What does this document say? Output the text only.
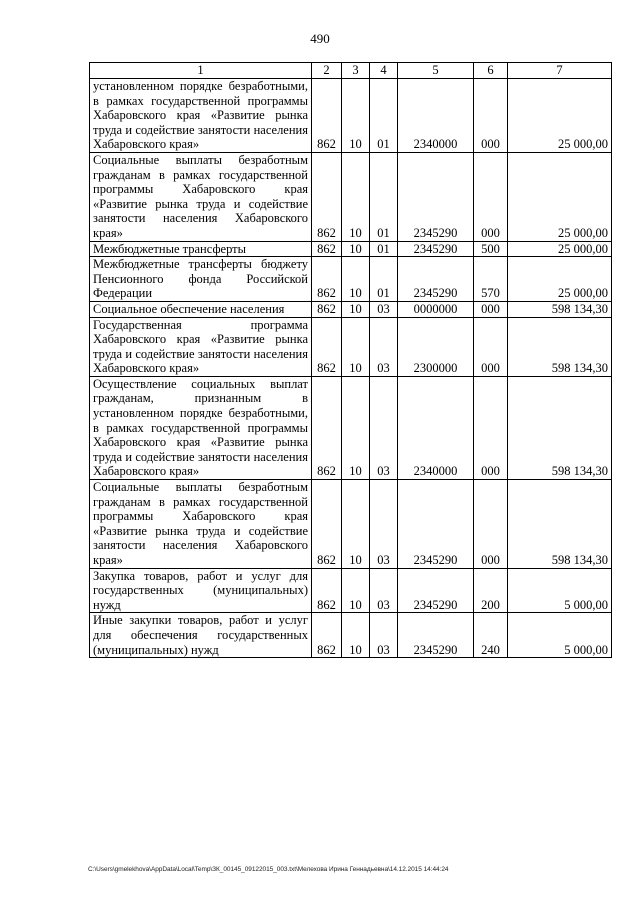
490
1	2	3	4	5	6	7
установленном порядке безработными, в рамках государственной программы Хабаровского края «Развитие рынка труда и содействие занятости населения Хабаровского края»	862	10	01	2340000	000	25 000,00
Социальные выплаты безработным гражданам в рамках государственной программы Хабаровского края «Развитие рынка труда и содействие занятости населения Хабаровского края»	862	10	01	2345290	000	25 000,00
Межбюджетные трансферты	862	10	01	2345290	500	25 000,00
Межбюджетные трансферты бюджету Пенсионного фонда Российской Федерации	862	10	01	2345290	570	25 000,00
Социальное обеспечение населения	862	10	03	0000000	000	598 134,30
Государственная программа Хабаровского края «Развитие рынка труда и содействие занятости населения Хабаровского края»	862	10	03	2300000	000	598 134,30
Осуществление социальных выплат гражданам, признанным в установленном порядке безработными, в рамках государственной программы Хабаровского края «Развитие рынка труда и содействие занятости населения Хабаровского края»	862	10	03	2340000	000	598 134,30
Социальные выплаты безработным гражданам в рамках государственной программы Хабаровского края «Развитие рынка труда и содействие занятости населения Хабаровского края»	862	10	03	2345290	000	598 134,30
Закупка товаров, работ и услуг для государственных (муниципальных) нужд	862	10	03	2345290	200	5 000,00
Иные закупки товаров, работ и услуг для обеспечения государственных (муниципальных) нужд	862	10	03	2345290	240	5 000,00
C:\Users\gmelekhova\AppData\Local\Temp\ЗК_00145_09122015_003.txt\Мелехова Ирина Геннадьевна\14.12.2015 14:44:24
